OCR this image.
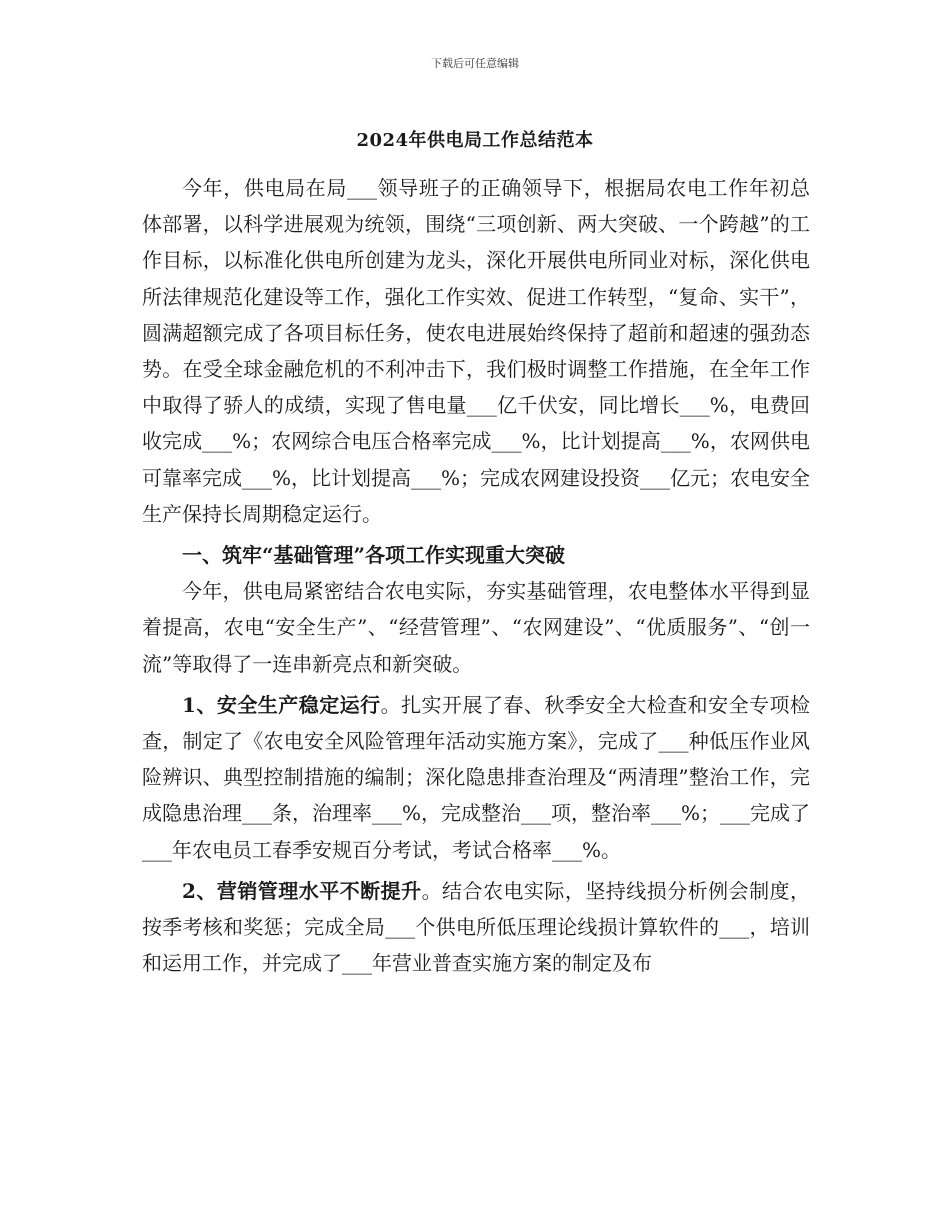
下载后可任意编辑
2024年供电局工作总结范本

今年，供电局在局___领导班子的正确领导下，根据局农电工作年初总体部署，以科学进展观为统领，围绕“三项创新、两大突破、一个跨越”的工作目标，以标准化供电所创建为龙头，深化开展供电所同业对标，深化供电所法律规范化建设等工作，强化工作实效、促进工作转型，“复命、实干”，圆满超额完成了各项目标任务，使农电进展始终保持了超前和超速的强劲态势。在受全球金融危机的不利冲击下，我们极时调整工作措施，在全年工作中取得了骄人的成绩，实现了售电量___亿千伏安，同比增长___%，电费回收完成___%；农网综合电压合格率完成___%，比计划提高___%，农网供电可靠率完成___%，比计划提高___%；完成农网建设投资___亿元；农电安全生产保持长周期稳定运行。

一、筑牢“基础管理”各项工作实现重大突破

今年，供电局紧密结合农电实际，夯实基础管理，农电整体水平得到显着提高，农电“安全生产”、“经营管理”、“农网建设”、“优质服务”、“创一流”等取得了一连串新亮点和新突破。

1、安全生产稳定运行。扎实开展了春、秋季安全大检查和安全专项检查，制定了《农电安全风险管理年活动实施方案》，完成了___种低压作业风险辨识、典型控制措施的编制；深化隐患排查治理及“两清理”整治工作，完成隐患治理___条，治理率___%，完成整治___项，整治率___%；___完成了___年农电员工春季安规百分考试，考试合格率___%。

2、营销管理水平不断提升。结合农电实际，坚持线损分析例会制度，按季考核和奖惩；完成全局___个供电所低压理论线损计算软件的___，培训和运用工作，并完成了___年营业普查实施方案的制定及布
